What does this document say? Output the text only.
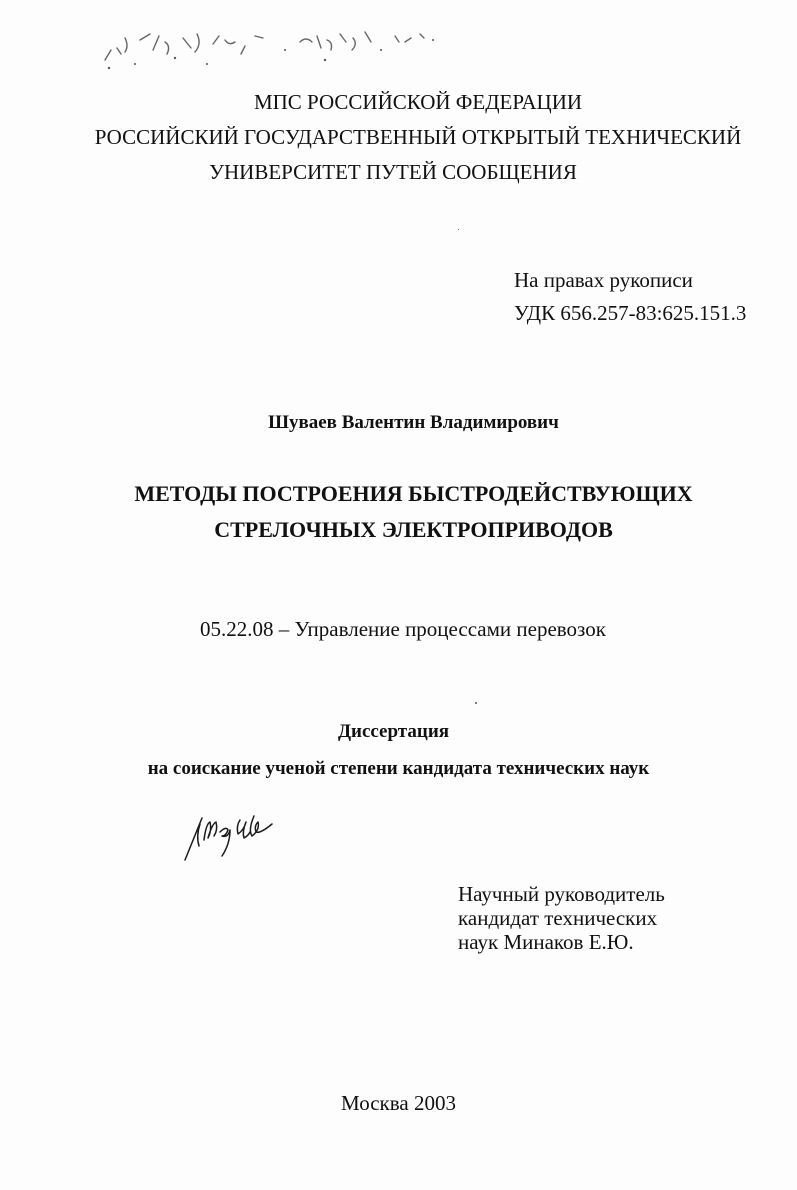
МПС РОССИЙСКОЙ ФЕДЕРАЦИИ
РОССИЙСКИЙ ГОСУДАРСТВЕННЫЙ ОТКРЫТЫЙ ТЕХНИЧЕСКИЙ
УНИВЕРСИТЕТ ПУТЕЙ СООБЩЕНИЯ
На правах рукописи
УДК 656.257-83:625.151.3
Шуваев Валентин Владимирович
МЕТОДЫ ПОСТРОЕНИЯ БЫСТРОДЕЙСТВУЮЩИХ
СТРЕЛОЧНЫХ ЭЛЕКТРОПРИВОДОВ
05.22.08 – Управление процессами перевозок
Диссертация
на соискание ученой степени кандидата технических наук
Научный руководитель
кандидат технических
наук Минаков Е.Ю.
Москва 2003
